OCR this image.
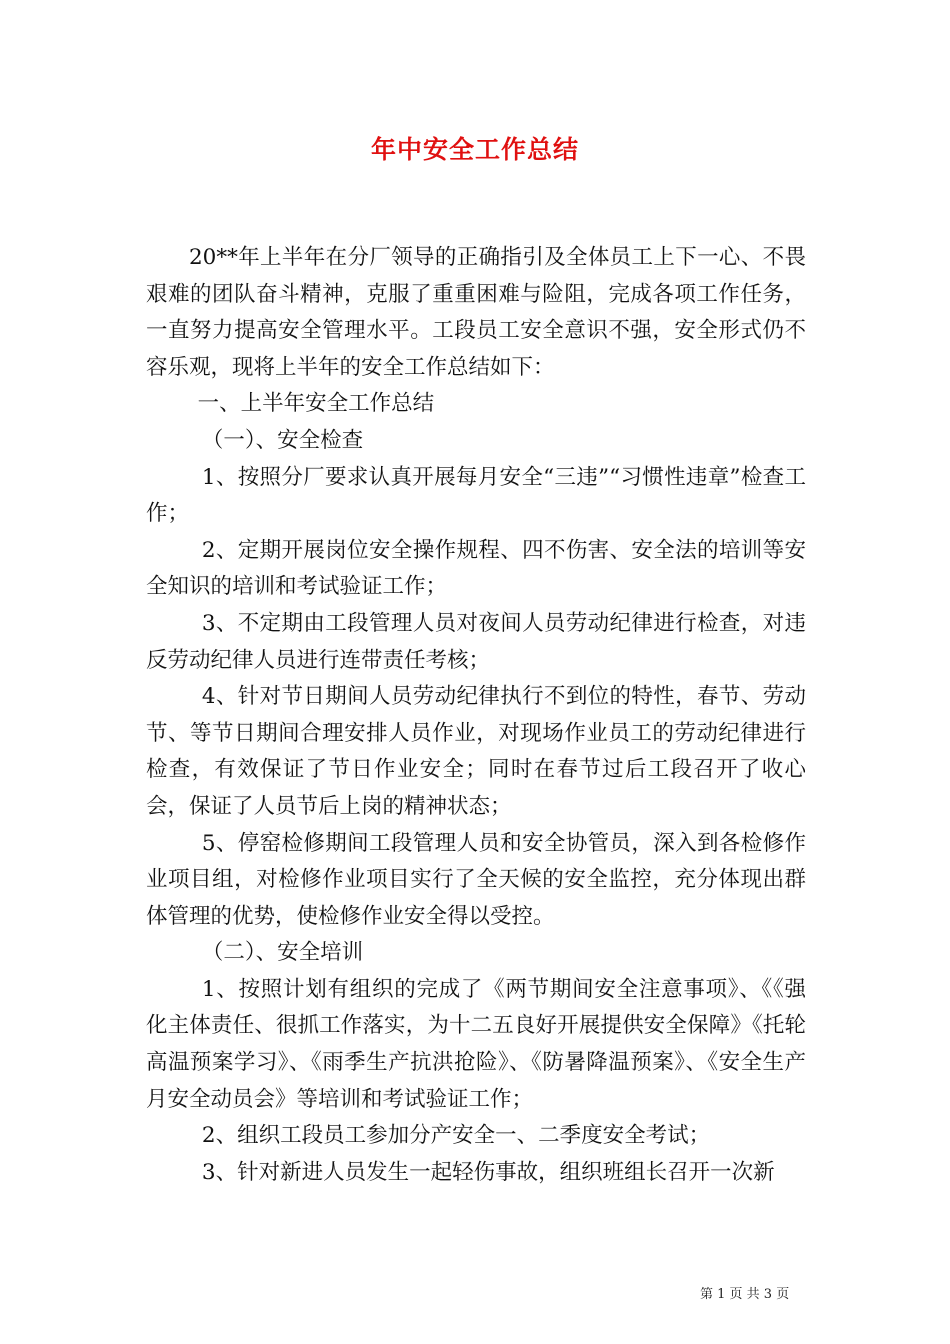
年中安全工作总结

20**年上半年在分厂领导的正确指引及全体员工上下一心、不畏艰难的团队奋斗精神，克服了重重困难与险阻，完成各项工作任务，一直努力提高安全管理水平。工段员工安全意识不强，安全形式仍不容乐观，现将上半年的安全工作总结如下：

一、上半年安全工作总结

（一）、安全检查

1、按照分厂要求认真开展每月安全“三违”“习惯性违章”检查工作；

2、定期开展岗位安全操作规程、四不伤害、安全法的培训等安全知识的培训和考试验证工作；

3、不定期由工段管理人员对夜间人员劳动纪律进行检查，对违反劳动纪律人员进行连带责任考核；

4、针对节日期间人员劳动纪律执行不到位的特性，春节、劳动节、等节日期间合理安排人员作业，对现场作业员工的劳动纪律进行检查，有效保证了节日作业安全；同时在春节过后工段召开了收心会，保证了人员节后上岗的精神状态；

5、停窑检修期间工段管理人员和安全协管员，深入到各检修作业项目组，对检修作业项目实行了全天候的安全监控，充分体现出群体管理的优势，使检修作业安全得以受控。

（二）、安全培训

1、按照计划有组织的完成了《两节期间安全注意事项》、《《强化主体责任、很抓工作落实，为十二五良好开展提供安全保障》《托轮高温预案学习》、《雨季生产抗洪抢险》、《防暑降温预案》、《安全生产月安全动员会》等培训和考试验证工作；

2、组织工段员工参加分产安全一、二季度安全考试；

3、针对新进人员发生一起轻伤事故，组织班组长召开一次新

第 1 页 共 3 页
